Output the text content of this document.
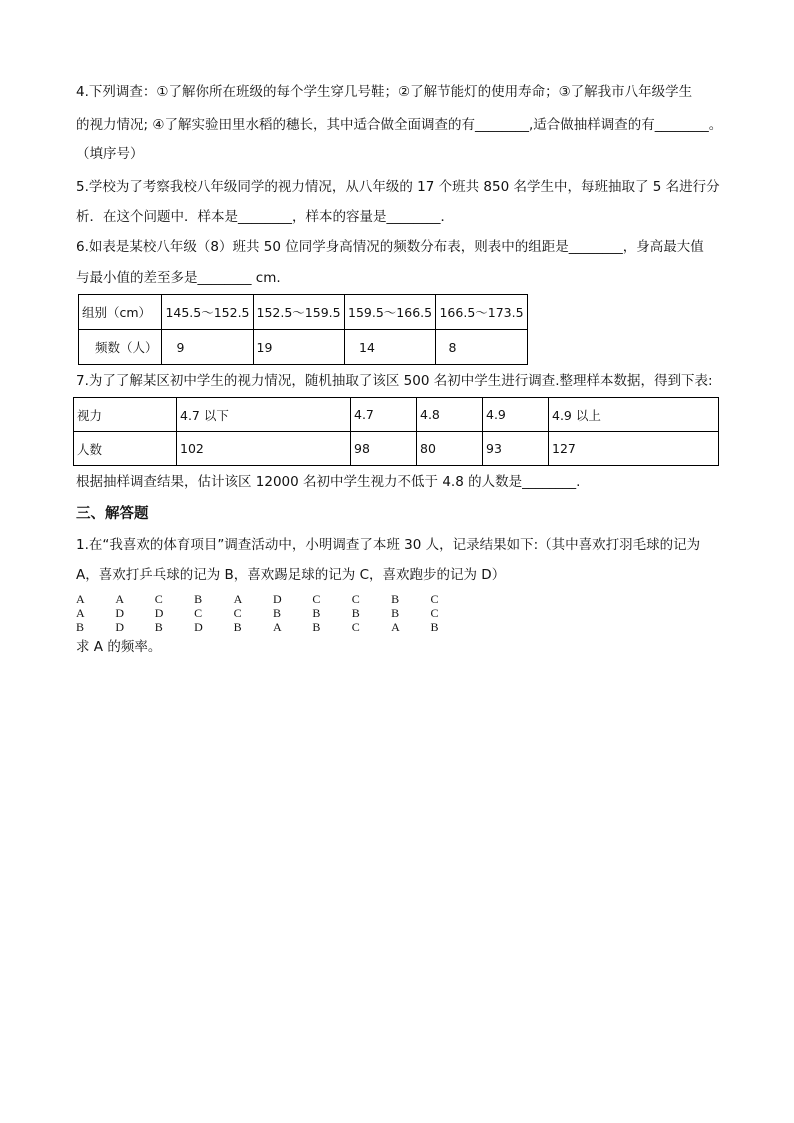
4.下列调查：①了解你所在班级的每个学生穿几号鞋；②了解节能灯的使用寿命；③了解我市八年级学生
的视力情况; ④了解实验田里水稻的穗长，其中适合做全面调查的有________,适合做抽样调查的有________。
（填序号）
5.学校为了考察我校八年级同学的视力情况，从八年级的 17 个班共 850 名学生中，每班抽取了 5 名进行分
析．在这个问题中．样本是________，样本的容量是________．
6.如表是某校八年级（8）班共 50 位同学身高情况的频数分布表，则表中的组距是________，身高最大值
与最小值的差至多是________ cm.
组别（cm）	145.5～152.5	152.5～159.5	159.5～166.5	166.5～173.5
频数（人）	9	19	14	8
7.为了了解某区初中学生的视力情况，随机抽取了该区 500 名初中学生进行调查.整理样本数据，得到下表:
视力	4.7 以下	4.7	4.8	4.9	4.9 以上
人数	102	98	80	93	127
根据抽样调查结果，估计该区 12000 名初中学生视力不低于 4.8 的人数是________.
三、解答题
1.在“我喜欢的体育项目”调查活动中，小明调查了本班 30 人，记录结果如下:（其中喜欢打羽毛球的记为
A，喜欢打乒乓球的记为 B，喜欢踢足球的记为 C，喜欢跑步的记为 D）
A	A	C	B	A	D	C	C	B	C
A	D	D	C	C	B	B	B	B	C
B	D	B	D	B	A	B	C	A	B
求 A 的频率。
